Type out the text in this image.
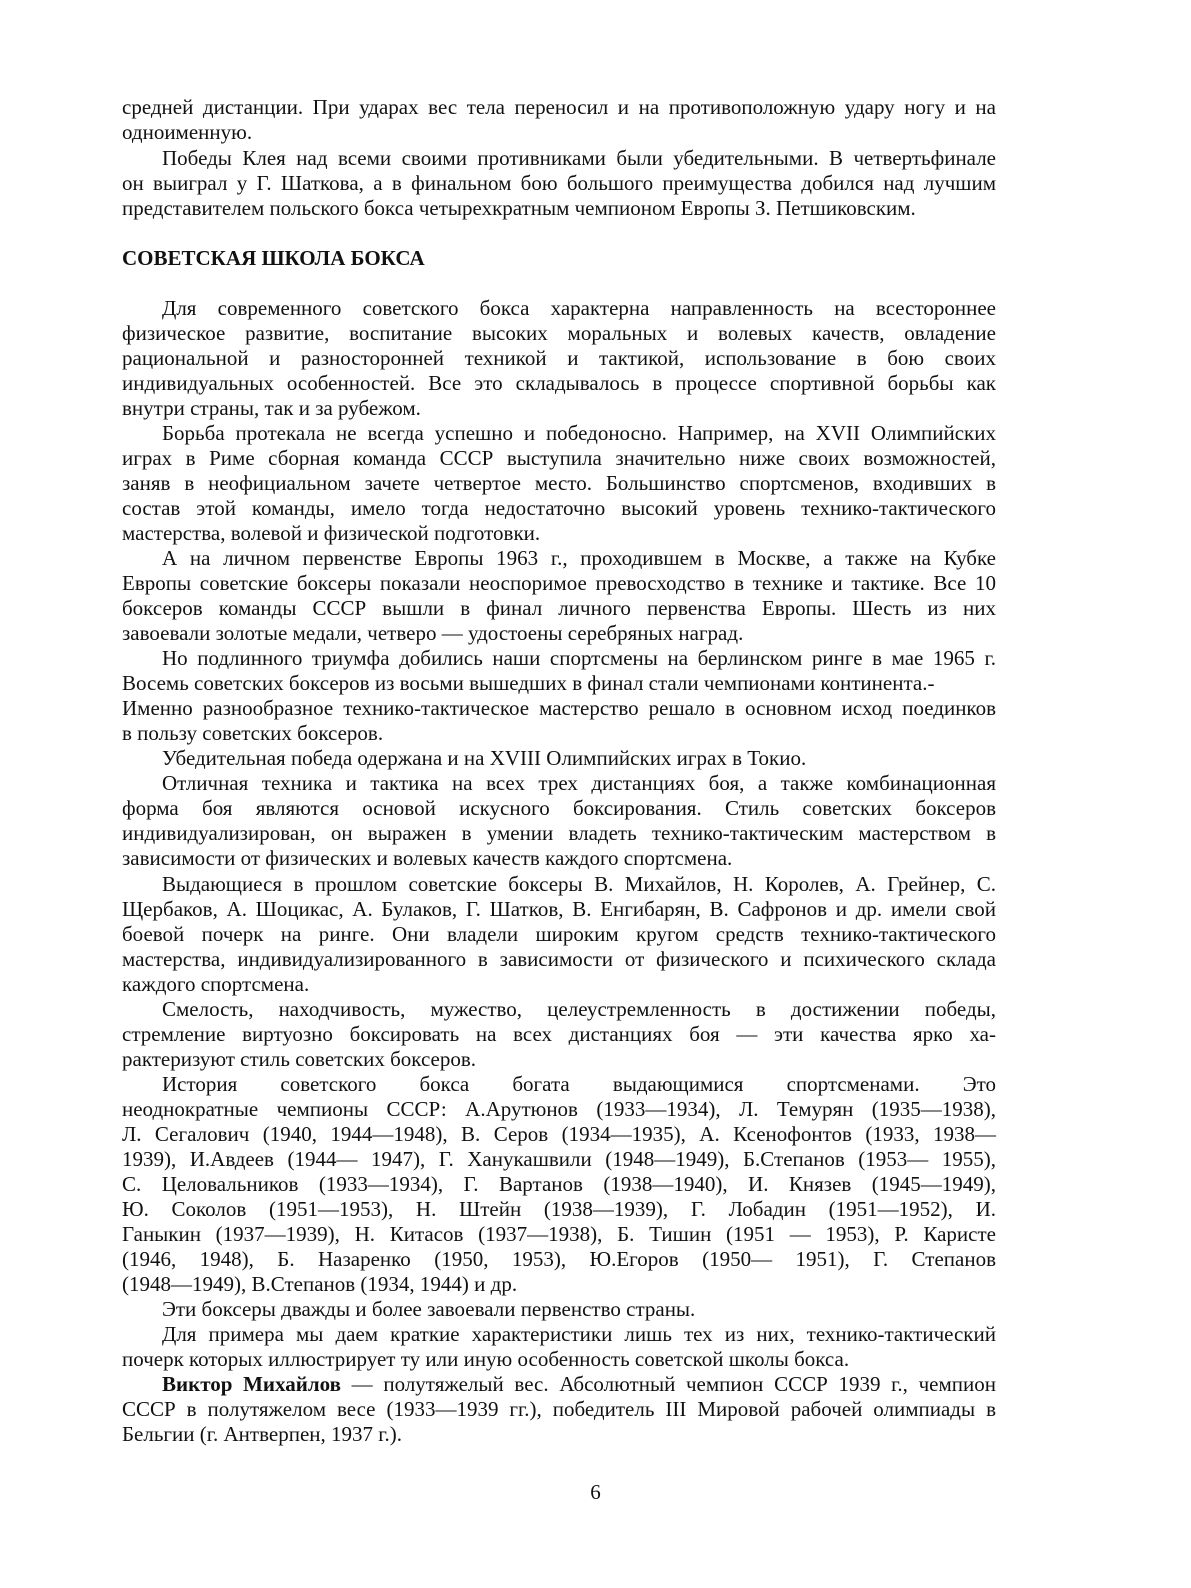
средней дистанции. При ударах вес тела переносил и на противоположную удару ногу и на
одноименную.
Победы Клея над всеми своими противниками были убедительными. В четвертьфинале
он выиграл у Г. Шаткова, а в финальном бою большого преимущества добился над лучшим
представителем польского бокса четырехкратным чемпионом Европы З. Петшиковским.
СОВЕТСКАЯ ШКОЛА БОКСА
Для современного советского бокса характерна направленность на всестороннее
физическое развитие, воспитание высоких моральных и волевых качеств, овладение
рациональной и разносторонней техникой и тактикой, использование в бою своих
индивидуальных особенностей. Все это складывалось в процессе спортивной борьбы как
внутри страны, так и за рубежом.
Борьба протекала не всегда успешно и победоносно. Например, на XVII Олимпийских
играх в Риме сборная команда СССР выступила значительно ниже своих возможностей,
заняв в неофициальном зачете четвертое место. Большинство спортсменов, входивших в
состав этой команды, имело тогда недостаточно высокий уровень технико-тактического
мастерства, волевой и физической подготовки.
А на личном первенстве Европы 1963 г., проходившем в Москве, а также на Кубке
Европы советские боксеры показали неоспоримое превосходство в технике и тактике. Все 10
боксеров команды СССР вышли в финал личного первенства Европы. Шесть из них
завоевали золотые медали, четверо — удостоены серебряных наград.
Но подлинного триумфа добились наши спортсмены на берлинском ринге в мае 1965 г.
Восемь советских боксеров из восьми вышедших в финал стали чемпионами континента.-
Именно разнообразное технико-тактическое мастерство решало в основном исход поединков
в пользу советских боксеров.
Убедительная победа одержана и на XVIII Олимпийских играх в Токио.
Отличная техника и тактика на всех трех дистанциях боя, а также комбинационная
форма боя являются основой искусного боксирования. Стиль советских боксеров
индивидуализирован, он выражен в умении владеть технико-тактическим мастерством в
зависимости от физических и волевых качеств каждого спортсмена.
Выдающиеся в прошлом советские боксеры В. Михайлов, Н. Королев, А. Грейнер, С.
Щербаков, А. Шоцикас, А. Булаков, Г. Шатков, В. Енгибарян, В. Сафронов и др. имели свой
боевой почерк на ринге. Они владели широким кругом средств технико-тактического
мастерства, индивидуализированного в зависимости от физического и психического склада
каждого спортсмена.
Смелость, находчивость, мужество, целеустремленность в достижении победы,
стремление виртуозно боксировать на всех дистанциях боя — эти качества ярко ха-
рактеризуют стиль советских боксеров.
История советского бокса богата выдающимися спортсменами. Это
неоднократные чемпионы СССР: А.Арутюнов (1933—1934), Л. Темурян (1935—1938),
Л. Сегалович (1940, 1944—1948), В. Серов (1934—1935), А. Ксенофонтов (1933, 1938—
1939), И.Авдеев (1944— 1947), Г. Ханукашвили (1948—1949), Б.Степанов (1953— 1955),
С. Целовальников (1933—1934), Г. Вартанов (1938—1940), И. Князев (1945—1949),
Ю. Соколов (1951—1953), Н. Штейн (1938—1939), Г. Лобадин (1951—1952), И.
Ганыкин (1937—1939), Н. Китасов (1937—1938), Б. Тишин (1951 — 1953), Р. Каристе
(1946, 1948), Б. Назаренко (1950, 1953), Ю.Егоров (1950— 1951), Г. Степанов
(1948—1949), В.Степанов (1934, 1944) и др.
Эти боксеры дважды и более завоевали первенство страны.
Для примера мы даем краткие характеристики лишь тех из них, технико-тактический
почерк которых иллюстрирует ту или иную особенность советской школы бокса.
Виктор Михайлов — полутяжелый вес. Абсолютный чемпион СССР 1939 г., чемпион
СССР в полутяжелом весе (1933—1939 гг.), победитель III Мировой рабочей олимпиады в
Бельгии (г. Антверпен, 1937 г.).
6
